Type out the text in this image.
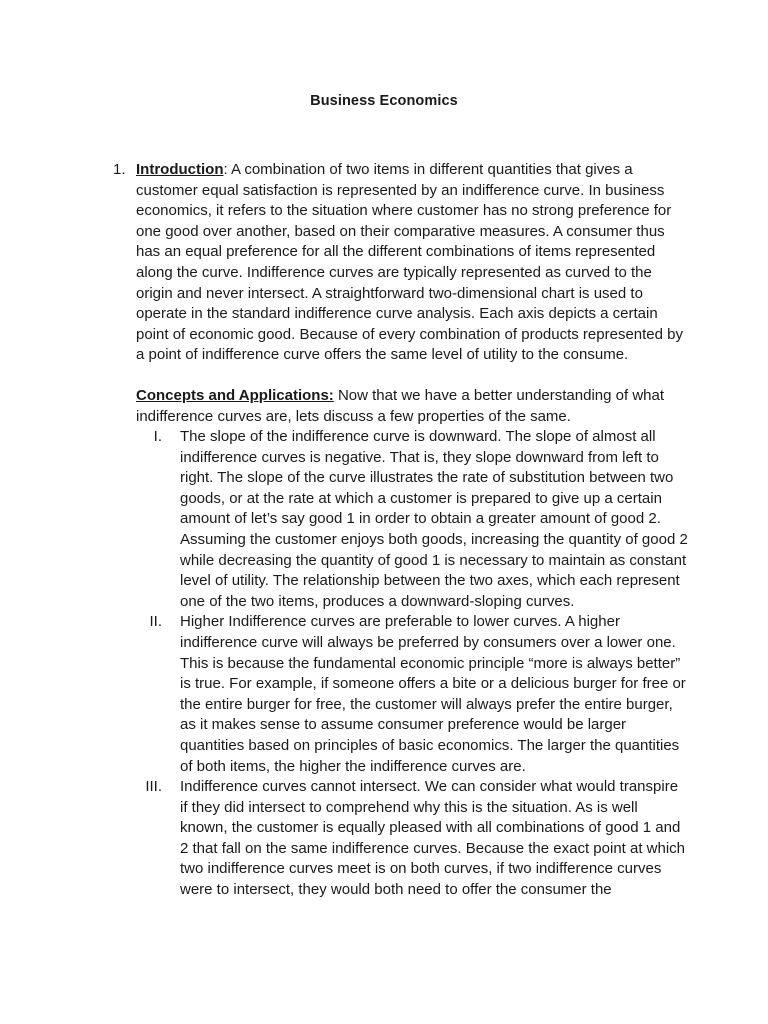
Business Economics
1. Introduction: A combination of two items in different quantities that gives a customer equal satisfaction is represented by an indifference curve. In business economics, it refers to the situation where customer has no strong preference for one good over another, based on their comparative measures. A consumer thus has an equal preference for all the different combinations of items represented along the curve. Indifference curves are typically represented as curved to the origin and never intersect. A straightforward two-dimensional chart is used to operate in the standard indifference curve analysis. Each axis depicts a certain point of economic good. Because of every combination of products represented by a point of indifference curve offers the same level of utility to the consume.
Concepts and Applications: Now that we have a better understanding of what indifference curves are, lets discuss a few properties of the same.
I. The slope of the indifference curve is downward. The slope of almost all indifference curves is negative. That is, they slope downward from left to right. The slope of the curve illustrates the rate of substitution between two goods, or at the rate at which a customer is prepared to give up a certain amount of let’s say good 1 in order to obtain a greater amount of good 2. Assuming the customer enjoys both goods, increasing the quantity of good 2 while decreasing the quantity of good 1 is necessary to maintain as constant level of utility. The relationship between the two axes, which each represent one of the two items, produces a downward-sloping curves.
II. Higher Indifference curves are preferable to lower curves. A higher indifference curve will always be preferred by consumers over a lower one. This is because the fundamental economic principle “more is always better” is true. For example, if someone offers a bite or a delicious burger for free or the entire burger for free, the customer will always prefer the entire burger, as it makes sense to assume consumer preference would be larger quantities based on principles of basic economics. The larger the quantities of both items, the higher the indifference curves are.
III. Indifference curves cannot intersect. We can consider what would transpire if they did intersect to comprehend why this is the situation. As is well known, the customer is equally pleased with all combinations of good 1 and 2 that fall on the same indifference curves. Because the exact point at which two indifference curves meet is on both curves, if two indifference curves were to intersect, they would both need to offer the consumer the
